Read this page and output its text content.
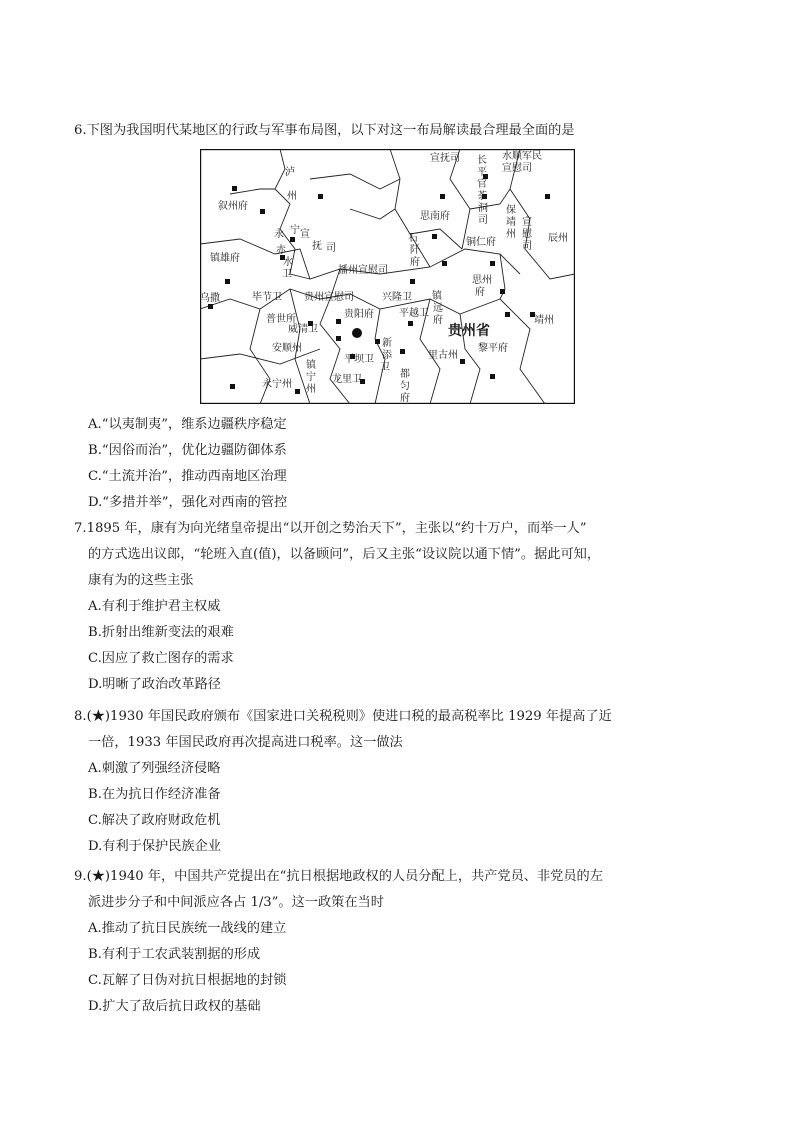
6.下图为我国明代某地区的行政与军事布局图，以下对这一布局解读最合理最全面的是
宣抚司 长
平
官
茶
洞
司
水顺军民
宣慰司
泸
州
叙州府
永 宁 宣
抚 司
赤
水
卫
镇雄府
思南府
石
阡
府
铜仁府
保
靖
州
宣
慰
司
辰州
播州宣慰司
思州
府
乌撒	毕节卫 贵州宣慰司	兴隆卫 镇
远
府
普世所
威清卫
贵阳府	平越卫
贵州省
靖州
安顺州
平坝卫
新
添
卫
都
匀
府
里古州
黎平府
永宁州
镇
宁
州
龙里卫
A.“以夷制夷”，维系边疆秩序稳定
B.“因俗而治”，优化边疆防御体系
C.“土流并治”，推动西南地区治理
D.“多措并举”，强化对西南的管控
7.1895 年，康有为向光绪皇帝提出“以开创之势治天下”，主张以“约十万户，而举一人”
的方式选出议郎，“轮班入直(值)，以备顾问”，后又主张“设议院以通下情”。据此可知，
康有为的这些主张
A.有利于维护君主权威
B.折射出维新变法的艰难
C.因应了救亡图存的需求
D.明晰了政治改革路径
8.(★)1930 年国民政府颁布《国家进口关税税则》使进口税的最高税率比 1929 年提高了近
一倍，1933 年国民政府再次提高进口税率。这一做法
A.刺激了列强经济侵略
B.在为抗日作经济准备
C.解决了政府财政危机
D.有利于保护民族企业
9.(★)1940 年，中国共产党提出在“抗日根据地政权的人员分配上，共产党员、非党员的左
派进步分子和中间派应各占 1/3”。这一政策在当时
A.推动了抗日民族统一战线的建立
B.有利于工农武装割据的形成
C.瓦解了日伪对抗日根据地的封锁
D.扩大了敌后抗日政权的基础
